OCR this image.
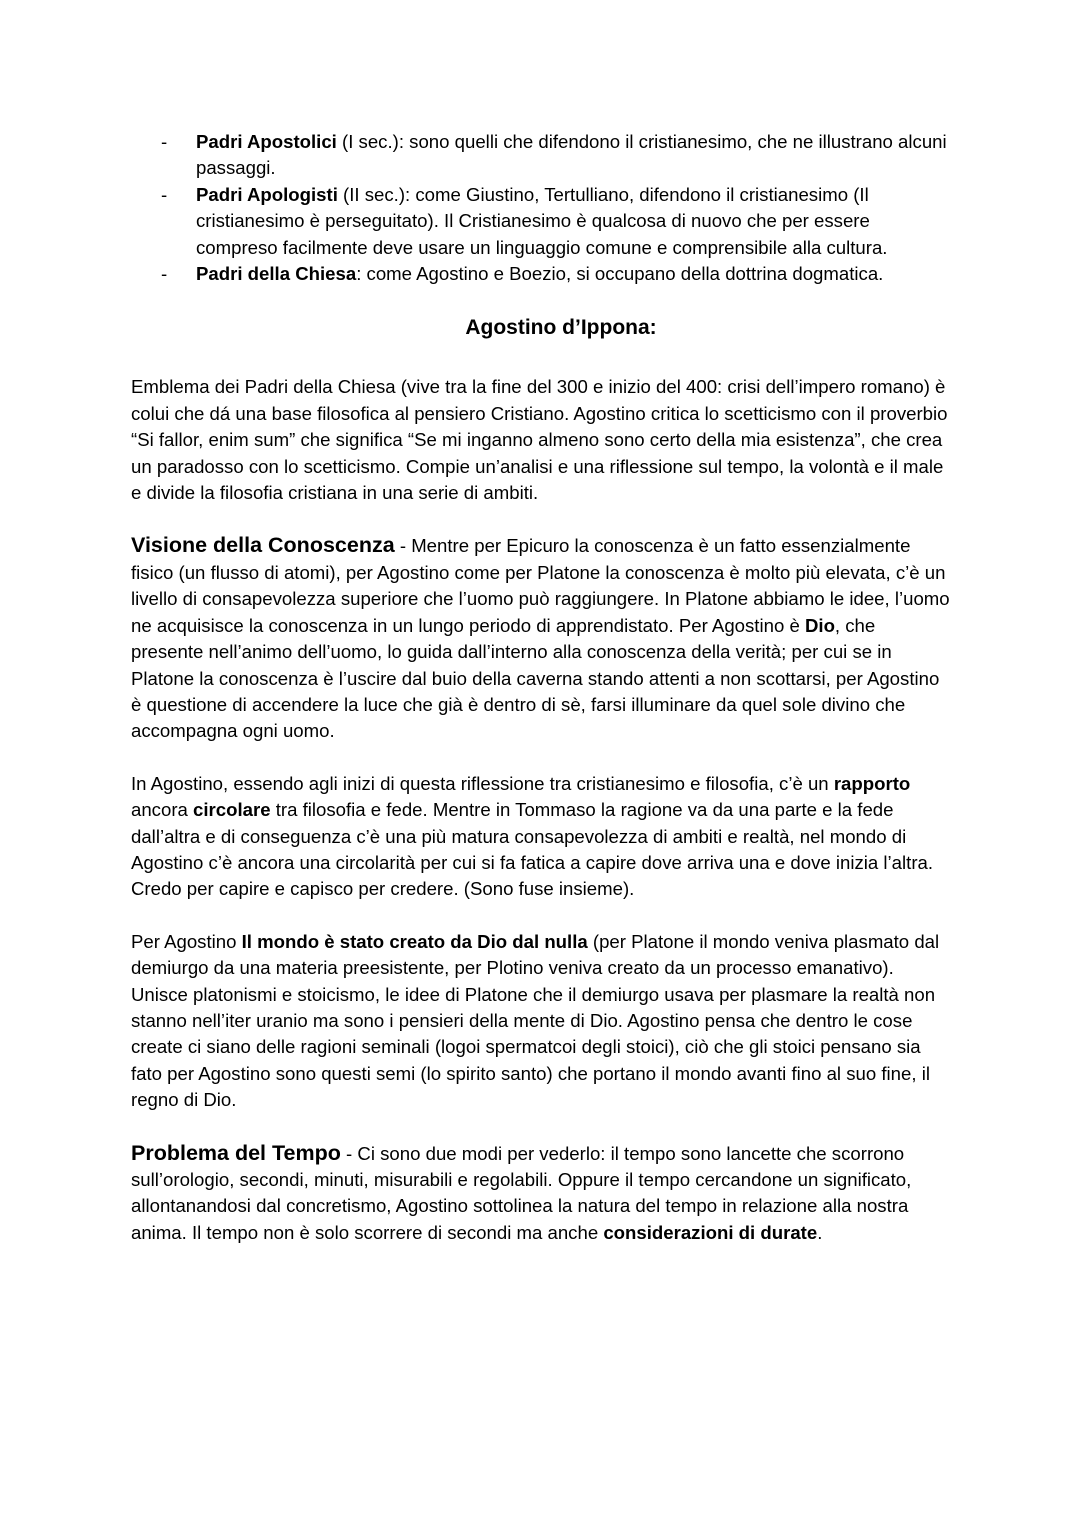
- Padri Apostolici (I sec.): sono quelli che difendono il cristianesimo, che ne illustrano alcuni passaggi.
- Padri Apologisti (II sec.): come Giustino, Tertulliano, difendono il cristianesimo (Il cristianesimo è perseguitato). Il Cristianesimo è qualcosa di nuovo che per essere compreso facilmente deve usare un linguaggio comune e comprensibile alla cultura.
- Padri della Chiesa: come Agostino e Boezio, si occupano della dottrina dogmatica.
Agostino d’Ippona:

Emblema dei Padri della Chiesa (vive tra la fine del 300 e inizio del 400: crisi dell’impero romano) è colui che dá una base filosofica al pensiero Cristiano. Agostino critica lo scetticismo con il proverbio “Si fallor, enim sum” che significa “Se mi inganno almeno sono certo della mia esistenza”, che crea un paradosso con lo scetticismo. Compie un’analisi e una riflessione sul tempo, la volontà e il male e divide la filosofia cristiana in una serie di ambiti.

Visione della Conoscenza - Mentre per Epicuro la conoscenza è un fatto essenzialmente fisico (un flusso di atomi), per Agostino come per Platone la conoscenza è molto più elevata, c’è un livello di consapevolezza superiore che l’uomo può raggiungere. In Platone abbiamo le idee, l’uomo ne acquisisce la conoscenza in un lungo periodo di apprendistato. Per Agostino è Dio, che presente nell’animo dell’uomo, lo guida dall’interno alla conoscenza della verità; per cui se in Platone la conoscenza è l’uscire dal buio della caverna stando attenti a non scottarsi, per Agostino è questione di accendere la luce che già è dentro di sè, farsi illuminare da quel sole divino che accompagna ogni uomo.

In Agostino, essendo agli inizi di questa riflessione tra cristianesimo e filosofia, c’è un rapporto ancora circolare tra filosofia e fede. Mentre in Tommaso la ragione va da una parte e la fede dall’altra e di conseguenza c’è una più matura consapevolezza di ambiti e realtà, nel mondo di Agostino c’è ancora una circolarità per cui si fa fatica a capire dove arriva una e dove inizia l’altra. Credo per capire e capisco per credere. (Sono fuse insieme).

Per Agostino Il mondo è stato creato da Dio dal nulla (per Platone il mondo veniva plasmato dal demiurgo da una materia preesistente, per Plotino veniva creato da un processo emanativo). Unisce platonismi e stoicismo, le idee di Platone che il demiurgo usava per plasmare la realtà non stanno nell’iter uranio ma sono i pensieri della mente di Dio. Agostino pensa che dentro le cose create ci siano delle ragioni seminali (logoi spermatcoi degli stoici), ciò che gli stoici pensano sia fato per Agostino sono questi semi (lo spirito santo) che portano il mondo avanti fino al suo fine, il regno di Dio.

Problema del Tempo - Ci sono due modi per vederlo: il tempo sono lancette che scorrono sull’orologio, secondi, minuti, misurabili e regolabili. Oppure il tempo cercandone un significato, allontanandosi dal concretismo, Agostino sottolinea la natura del tempo in relazione alla nostra anima. Il tempo non è solo scorrere di secondi ma anche considerazioni di durate.
